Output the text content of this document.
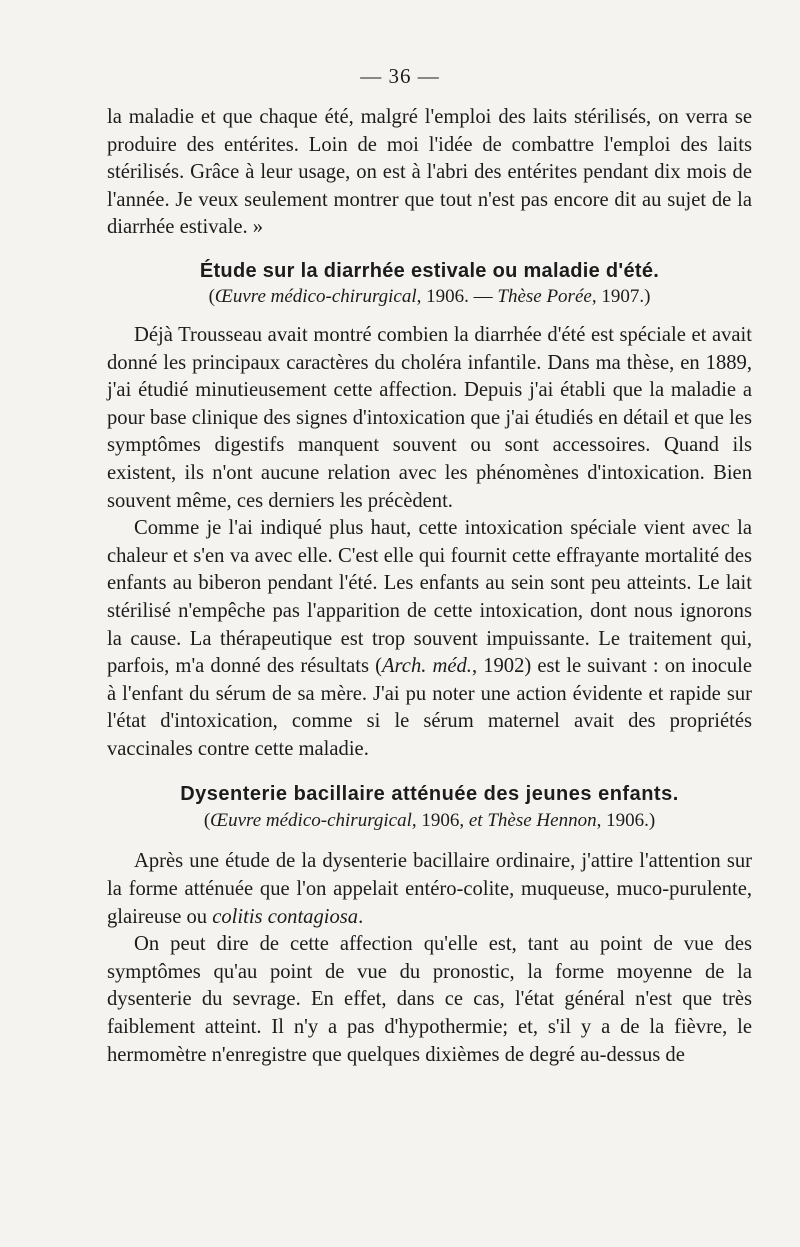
— 36 —

la maladie et que chaque été, malgré l'emploi des laits stérilisés, on verra se produire des entérites. Loin de moi l'idée de combattre l'emploi des laits stérilisés. Grâce à leur usage, on est à l'abri des entérites pendant dix mois de l'année. Je veux seulement montrer que tout n'est pas encore dit au sujet de la diarrhée estivale. »

Étude sur la diarrhée estivale ou maladie d'été.
(Œuvre médico-chirurgical, 1906. — Thèse Porée, 1907.)

Déjà Trousseau avait montré combien la diarrhée d'été est spéciale et avait donné les principaux caractères du choléra infantile. Dans ma thèse, en 1889, j'ai étudié minutieusement cette affection. Depuis j'ai établi que la maladie a pour base clinique des signes d'intoxication que j'ai étudiés en détail et que les symptômes digestifs manquent souvent ou sont accessoires. Quand ils existent, ils n'ont aucune relation avec les phénomènes d'intoxication. Bien souvent même, ces derniers les précèdent.

Comme je l'ai indiqué plus haut, cette intoxication spéciale vient avec la chaleur et s'en va avec elle. C'est elle qui fournit cette effrayante mortalité des enfants au biberon pendant l'été. Les enfants au sein sont peu atteints. Le lait stérilisé n'empêche pas l'apparition de cette intoxication, dont nous ignorons la cause. La thérapeutique est trop souvent impuissante. Le traitement qui, parfois, m'a donné des résultats (Arch. méd., 1902) est le suivant : on inocule à l'enfant du sérum de sa mère. J'ai pu noter une action évidente et rapide sur l'état d'intoxication, comme si le sérum maternel avait des propriétés vaccinales contre cette maladie.

Dysenterie bacillaire atténuée des jeunes enfants.
(Œuvre médico-chirurgical, 1906, et Thèse Hennon, 1906.)

Après une étude de la dysenterie bacillaire ordinaire, j'attire l'attention sur la forme atténuée que l'on appelait entéro-colite, muqueuse, muco-purulente, glaireuse ou colitis contagiosa.

On peut dire de cette affection qu'elle est, tant au point de vue des symptômes qu'au point de vue du pronostic, la forme moyenne de la dysenterie du sevrage. En effet, dans ce cas, l'état général n'est que très faiblement atteint. Il n'y a pas d'hypothermie; et, s'il y a de la fièvre, le hermomètre n'enregistre que quelques dixièmes de degré au-dessus de
